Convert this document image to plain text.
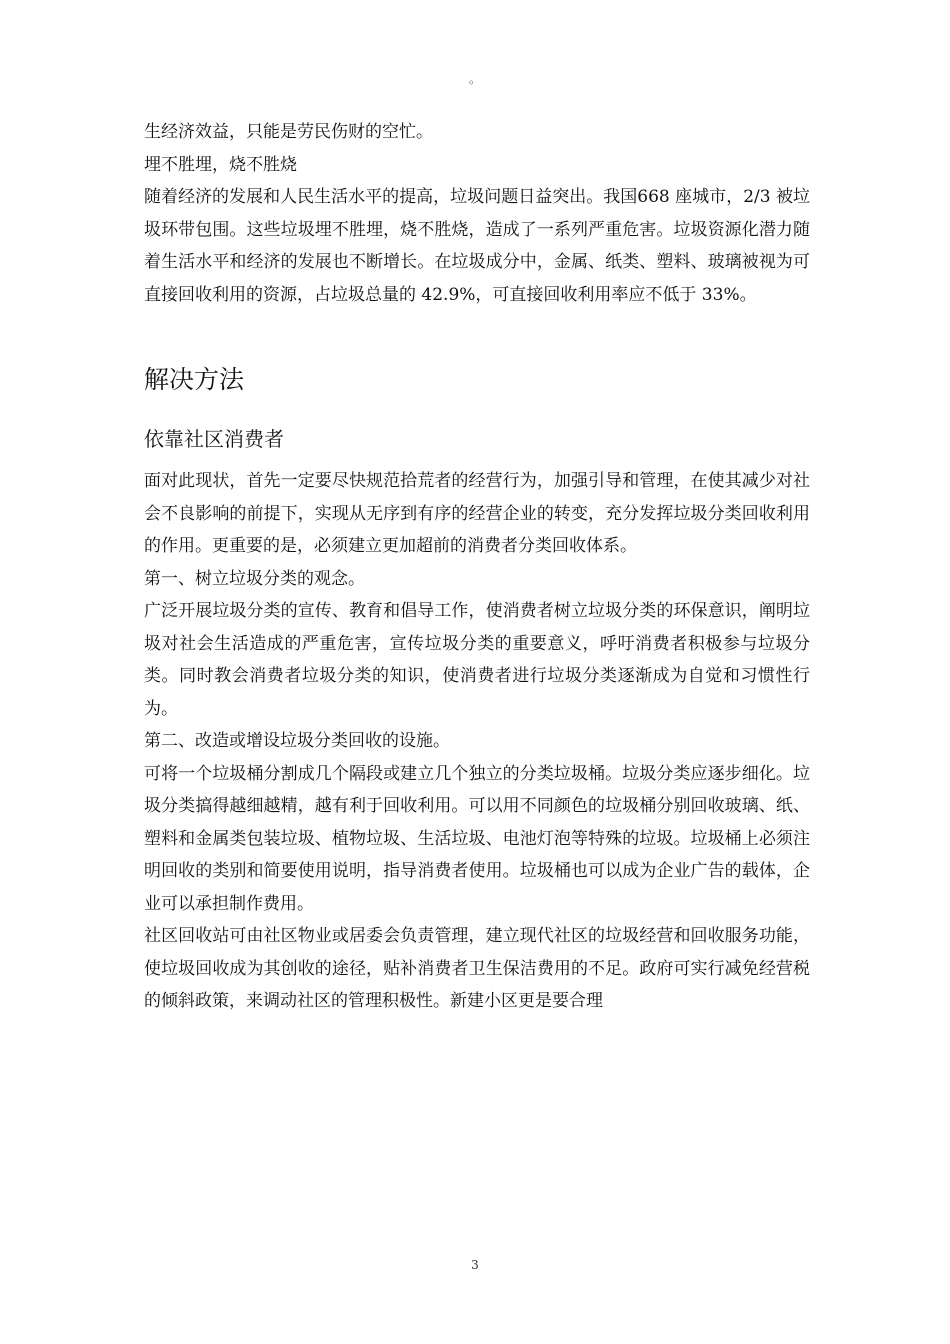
。

生经济效益，只能是劳民伤财的空忙。

埋不胜埋，烧不胜烧

随着经济的发展和人民生活水平的提高，垃圾问题日益突出。我国668 座城市，2/3 被垃圾环带包围。这些垃圾埋不胜埋，烧不胜烧，造成了一系列严重危害。垃圾资源化潜力随着生活水平和经济的发展也不断增长。在垃圾成分中，金属、纸类、塑料、玻璃被视为可直接回收利用的资源，占垃圾总量的 42.9%，可直接回收利用率应不低于 33%。

解决方法
依靠社区消费者

面对此现状，首先一定要尽快规范拾荒者的经营行为，加强引导和管理，在使其减少对社会不良影响的前提下，实现从无序到有序的经营企业的转变，充分发挥垃圾分类回收利用的作用。更重要的是，必须建立更加超前的消费者分类回收体系。

第一、树立垃圾分类的观念。

广泛开展垃圾分类的宣传、教育和倡导工作，使消费者树立垃圾分类的环保意识，阐明垃圾对社会生活造成的严重危害，宣传垃圾分类的重要意义，呼吁消费者积极参与垃圾分类。同时教会消费者垃圾分类的知识，使消费者进行垃圾分类逐渐成为自觉和习惯性行为。

第二、改造或增设垃圾分类回收的设施。

可将一个垃圾桶分割成几个隔段或建立几个独立的分类垃圾桶。垃圾分类应逐步细化。垃圾分类搞得越细越精，越有利于回收利用。可以用不同颜色的垃圾桶分别回收玻璃、纸、塑料和金属类包装垃圾、植物垃圾、生活垃圾、电池灯泡等特殊的垃圾。垃圾桶上必须注明回收的类别和简要使用说明，指导消费者使用。垃圾桶也可以成为企业广告的载体，企业可以承担制作费用。

社区回收站可由社区物业或居委会负责管理，建立现代社区的垃圾经营和回收服务功能，使垃圾回收成为其创收的途径，贴补消费者卫生保洁费用的不足。政府可实行减免经营税的倾斜政策，来调动社区的管理积极性。新建小区更是要合理

3
